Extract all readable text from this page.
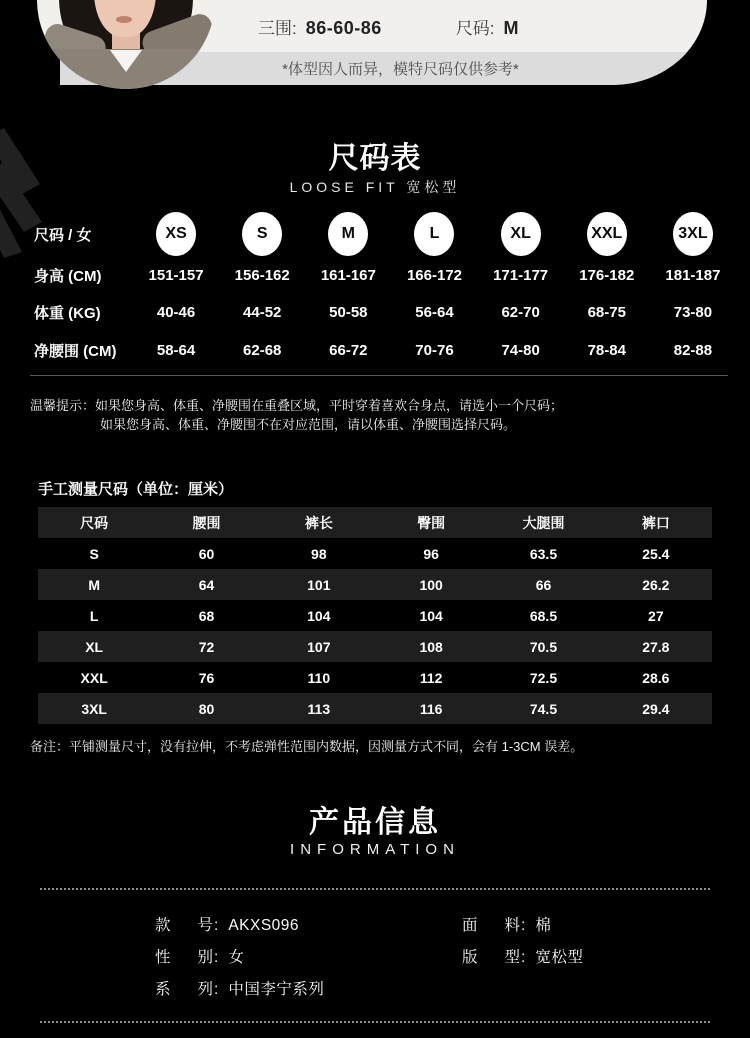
三围: 86-60-86	尺码: M
*体型因人而异，模特尺码仅供参考*
尺码表
LOOSE FIT 宽松型
尺码 / 女	XS	S	M	L	XL	XXL	3XL
身高 (CM)	151-157 156-162 161-167 166-172 171-177 176-182 181-187
体重 (KG)	40-46	44-52	50-58	56-64	62-70	68-75	73-80
净腰围 (CM)	58-64	62-68	66-72	70-76	74-80	78-84	82-88
温馨提示：如果您身高、体重、净腰围在重叠区域，平时穿着喜欢合身点，请选小一个尺码；
如果您身高、体重、净腰围不在对应范围，请以体重、净腰围选择尺码。
手工测量尺码（单位：厘米）
尺码	腰围	裤长	臀围	大腿围	裤口
S	60	98	96	63.5	25.4
M	64	101	100	66	26.2
L	68	104	104	68.5	27
XL	72	107	108	70.5	27.8
XXL	76	110	112	72.5	28.6
3XL	80	113	116	74.5	29.4
备注：平铺测量尺寸，没有拉伸，不考虑弹性范围内数据，因测量方式不同，会有 1-3CM 误差。
产品信息
INFORMATION
款 号 : AKXS096	面 料 : 棉
性 别 : 女	版 型 : 宽松型
系 列 : 中国李宁系列
